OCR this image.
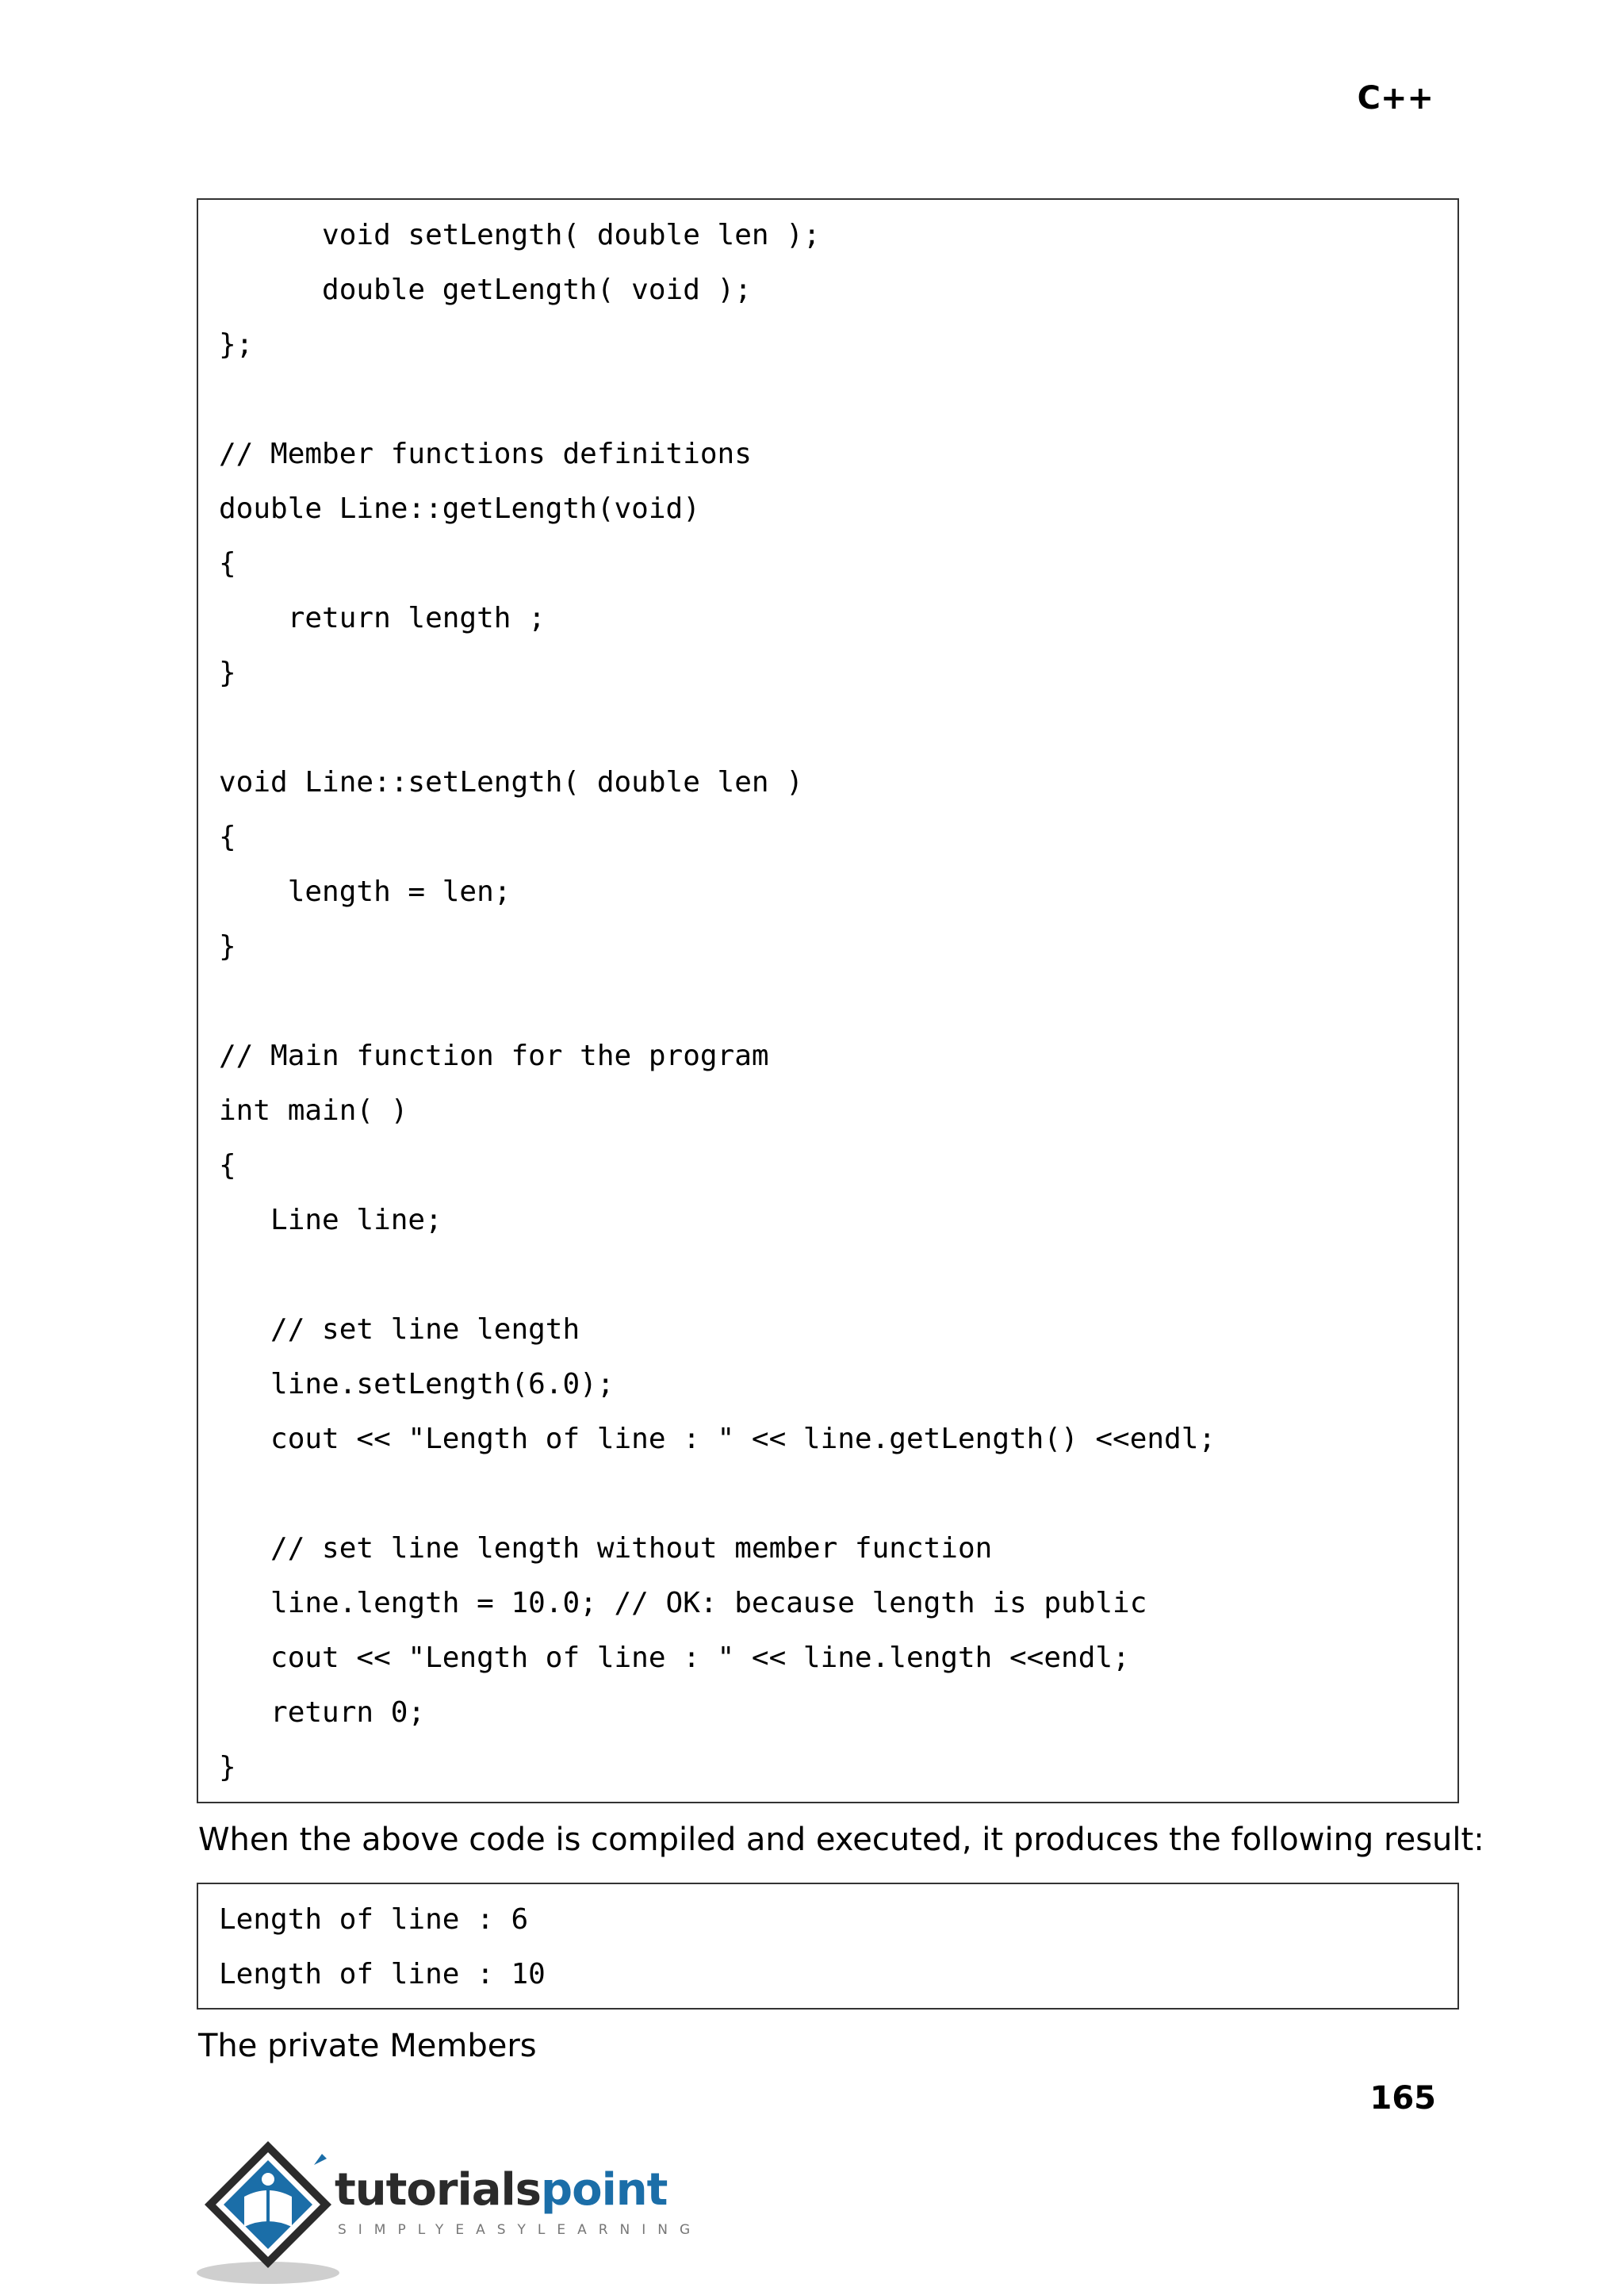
C++
void setLength( double len );
double getLength( void );
};
// Member functions definitions
double Line::getLength(void)
{
return length ;
}
void Line::setLength( double len )
{
length = len;
}
// Main function for the program
int main( )
{
Line line;
// set line length
line.setLength(6.0);
cout << "Length of line : " << line.getLength() <<endl;
// set line length without member function
line.length = 10.0; // OK: because length is public
cout << "Length of line : " << line.length <<endl;
return 0;
}
When the above code is compiled and executed, it produces the following result:
Length of line : 6
Length of line : 10
The private Members
165
tutorialspoint
SIMPLYEASYLEARNING
